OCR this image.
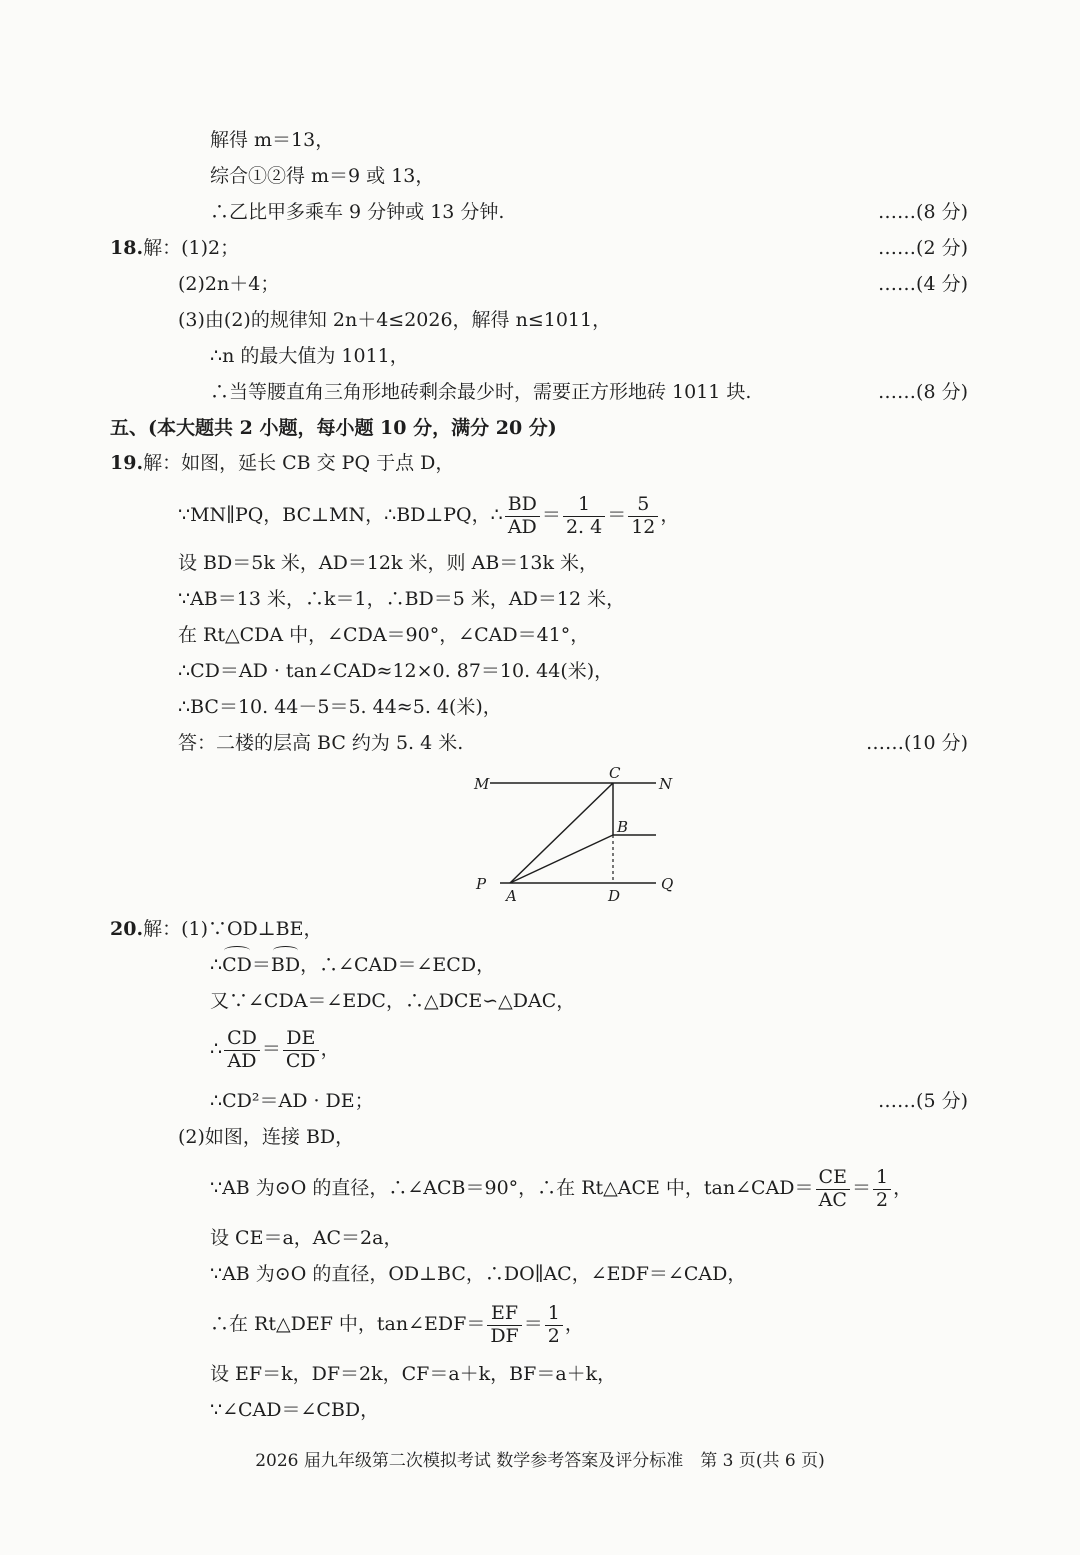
解得 m＝13，
综合①②得 m＝9 或 13，
∴乙比甲多乘车 9 分钟或 13 分钟.	……(8 分)
18.解：(1)2；	……(2 分)
(2)2n＋4；	……(4 分)
(3)由(2)的规律知 2n＋4≤2026，解得 n≤1011，
∴n 的最大值为 1011，
∴当等腰直角三角形地砖剩余最少时，需要正方形地砖 1011 块.	……(8 分)
五、(本大题共 2 小题，每小题 10 分，满分 20 分)
19.解：如图，延长 CB 交 PQ 于点 D，
∵MN∥PQ，BC⊥MN，∴BD⊥PQ，∴ $\frac{BD}{AD} = \frac{1}{2. 4} = \frac{5}{12}$ ，
设 BD＝5k 米，AD＝12k 米，则 AB＝13k 米，
∵AB＝13 米，∴k＝1，∴BD＝5 米，AD＝12 米，
在 Rt△CDA 中，∠CDA＝90°，∠CAD＝41°，
∴CD＝AD · tan∠CAD≈12×0. 87＝10. 44(米)，
∴BC＝10. 44－5＝5. 44≈5. 4(米)，
答：二楼的层高 BC 约为 5. 4 米.	……(10 分)
M	N
C
B
P
A	D
Q
20.解：(1)∵OD⊥BE，
∴CD＝BD，∴∠CAD＝∠ECD，
又∵∠CDA＝∠EDC，∴△DCE∽△DAC，
∴ $\frac{CD}{AD} = \frac{DE}{CD}$ ，
∴CD²＝AD · DE；	……(5 分)
(2)如图，连接 BD，
∵AB 为⊙O 的直径，∴∠ACB＝90°，∴在 Rt△ACE 中，tan∠CAD＝ $\frac{CE}{AC} = \frac{1}{2}$ ，
设 CE＝a，AC＝2a，
∵AB 为⊙O 的直径，OD⊥BC，∴DO∥AC，∠EDF＝∠CAD，
∴在 Rt△DEF 中，tan∠EDF＝ $\frac{EF}{DF} = \frac{1}{2}$ ，
设 EF＝k，DF＝2k，CF＝a＋k，BF＝a＋k，
∵∠CAD＝∠CBD，
2026 届九年级第二次模拟考试 数学参考答案及评分标准　第 3 页(共 6 页)
